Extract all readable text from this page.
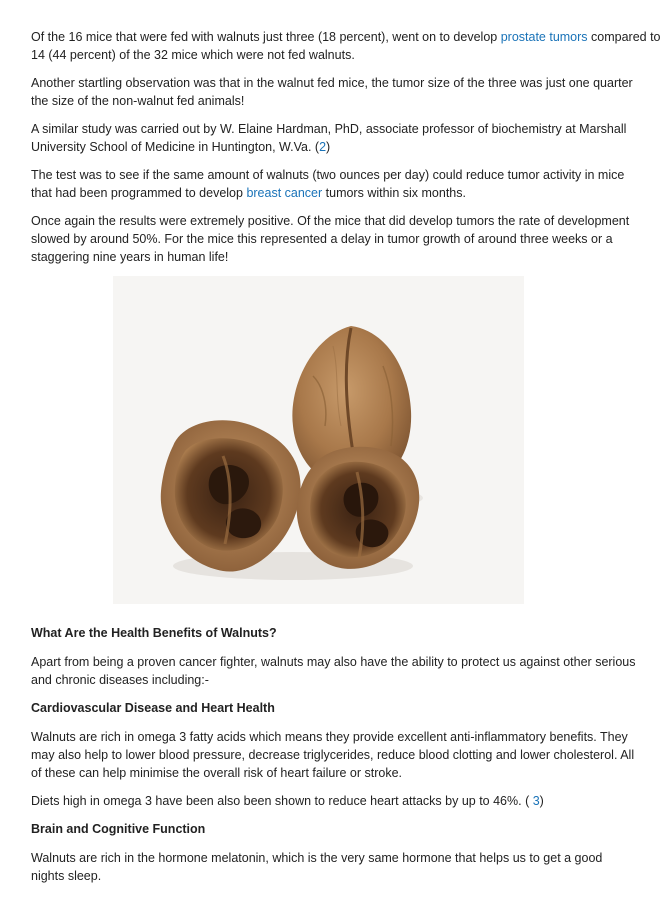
Of the 16 mice that were fed with walnuts just three (18 percent), went on to develop prostate tumors compared to
14 (44 percent) of the 32 mice which were not fed walnuts.

Another startling observation was that in the walnut fed mice, the tumor size of the three was just one quarter the size of the non-walnut fed animals!

A similar study was carried out by W. Elaine Hardman, PhD, associate professor of biochemistry at Marshall University School of Medicine in Huntington, W.Va. (2)

The test was to see if the same amount of walnuts (two ounces per day) could reduce tumor activity in mice that had been programmed to develop breast cancer tumors within six months.

Once again the results were extremely positive. Of the mice that did develop tumors the rate of development slowed by around 50%. For the mice this represented a delay in tumor growth of around three weeks or a staggering nine years in human life!

What Are the Health Benefits of Walnuts?

Apart from being a proven cancer fighter, walnuts may also have the ability to protect us against other serious and chronic diseases including:-

Cardiovascular Disease and Heart Health

Walnuts are rich in omega 3 fatty acids which means they provide excellent anti-inflammatory benefits. They may also help to lower blood pressure, decrease triglycerides, reduce blood clotting and lower cholesterol. All of these can help minimise the overall risk of heart failure or stroke.

Diets high in omega 3 have been also been shown to reduce heart attacks by up to 46%. ( 3)

Brain and Cognitive Function

Walnuts are rich in the hormone melatonin, which is the very same hormone that helps us to get a good nights sleep.
